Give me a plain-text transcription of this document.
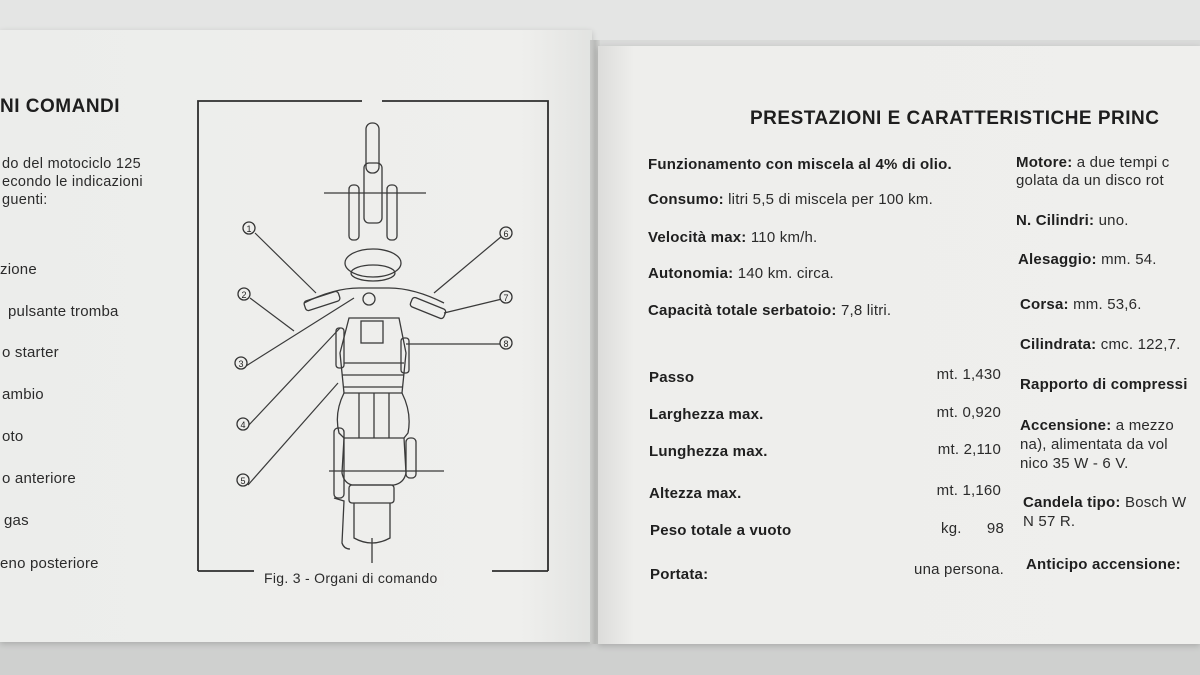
NI COMANDI
do del motociclo 125
econdo le indicazioni
guenti:
zione
pulsante tromba
o starter
ambio
oto
o anteriore
gas
eno posteriore
1
2
3
4
5
6
7
8
Fig. 3 - Organi di comando
PRESTAZIONI E CARATTERISTICHE PRINC
Funzionamento con miscela al 4% di olio.
Consumo: litri 5,5 di miscela per 100 km.
Velocità max: 110 km/h.
Autonomia: 140 km. circa.
Capacità totale serbatoio: 7,8 litri.
Passo	mt. 1,430
Larghezza max.	mt. 0,920
Lunghezza max.	mt. 2,110
Altezza max.	mt. 1,160
Peso totale a vuoto	kg.	98
Portata:	una persona.
Motore: a due tempi c
golata da un disco rot
N. Cilindri: uno.
Alesaggio: mm. 54.
Corsa: mm. 53,6.
Cilindrata: cmc. 122,7.
Rapporto di compressi
Accensione: a mezzo
na), alimentata da vol
nico 35 W - 6 V.
Candela tipo: Bosch W
N 57 R.
Anticipo accensione:
